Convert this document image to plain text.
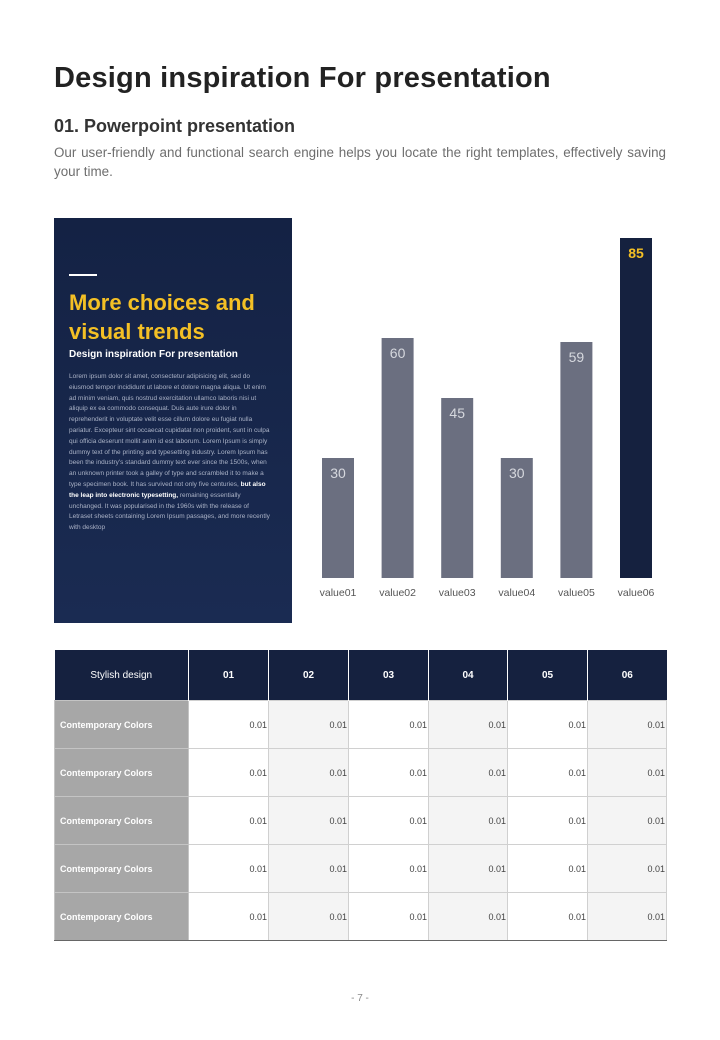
Design inspiration For presentation
01. Powerpoint presentation

Our user-friendly and functional search engine helps you locate the right templates, effectively saving your time.

More choices and visual trends
Design inspiration For presentation

Lorem ipsum dolor sit amet, consectetur adipisicing elit, sed do eiusmod tempor incididunt ut labore et dolore magna aliqua. Ut enim ad minim veniam, quis nostrud exercitation ullamco laboris nisi ut aliquip ex ea commodo consequat. Duis aute irure dolor in reprehenderit in voluptate velit esse cillum dolore eu fugiat nulla pariatur. Excepteur sint occaecat cupidatat non proident, sunt in culpa qui officia deserunt mollit anim id est laborum. Lorem Ipsum is simply dummy text of the printing and typesetting industry. Lorem Ipsum has been the industry's standard dummy text ever since the 1500s, when an unknown printer took a galley of type and scrambled it to make a type specimen book. It has survived not only five centuries, but also the leap into electronic typesetting, remaining essentially unchanged. It was popularised in the 1960s with the release of Letraset sheets containing Lorem Ipsum passages, and more recently with desktop

30
value01
60
value02
45
value03
30
value04
59
value05
85
value06
Stylish design	01	02	03	04	05	06
Contemporary Colors	0.01	0.01	0.01	0.01	0.01	0.01
Contemporary Colors	0.01	0.01	0.01	0.01	0.01	0.01
Contemporary Colors	0.01	0.01	0.01	0.01	0.01	0.01
Contemporary Colors	0.01	0.01	0.01	0.01	0.01	0.01
Contemporary Colors	0.01	0.01	0.01	0.01	0.01	0.01
- 7 -
